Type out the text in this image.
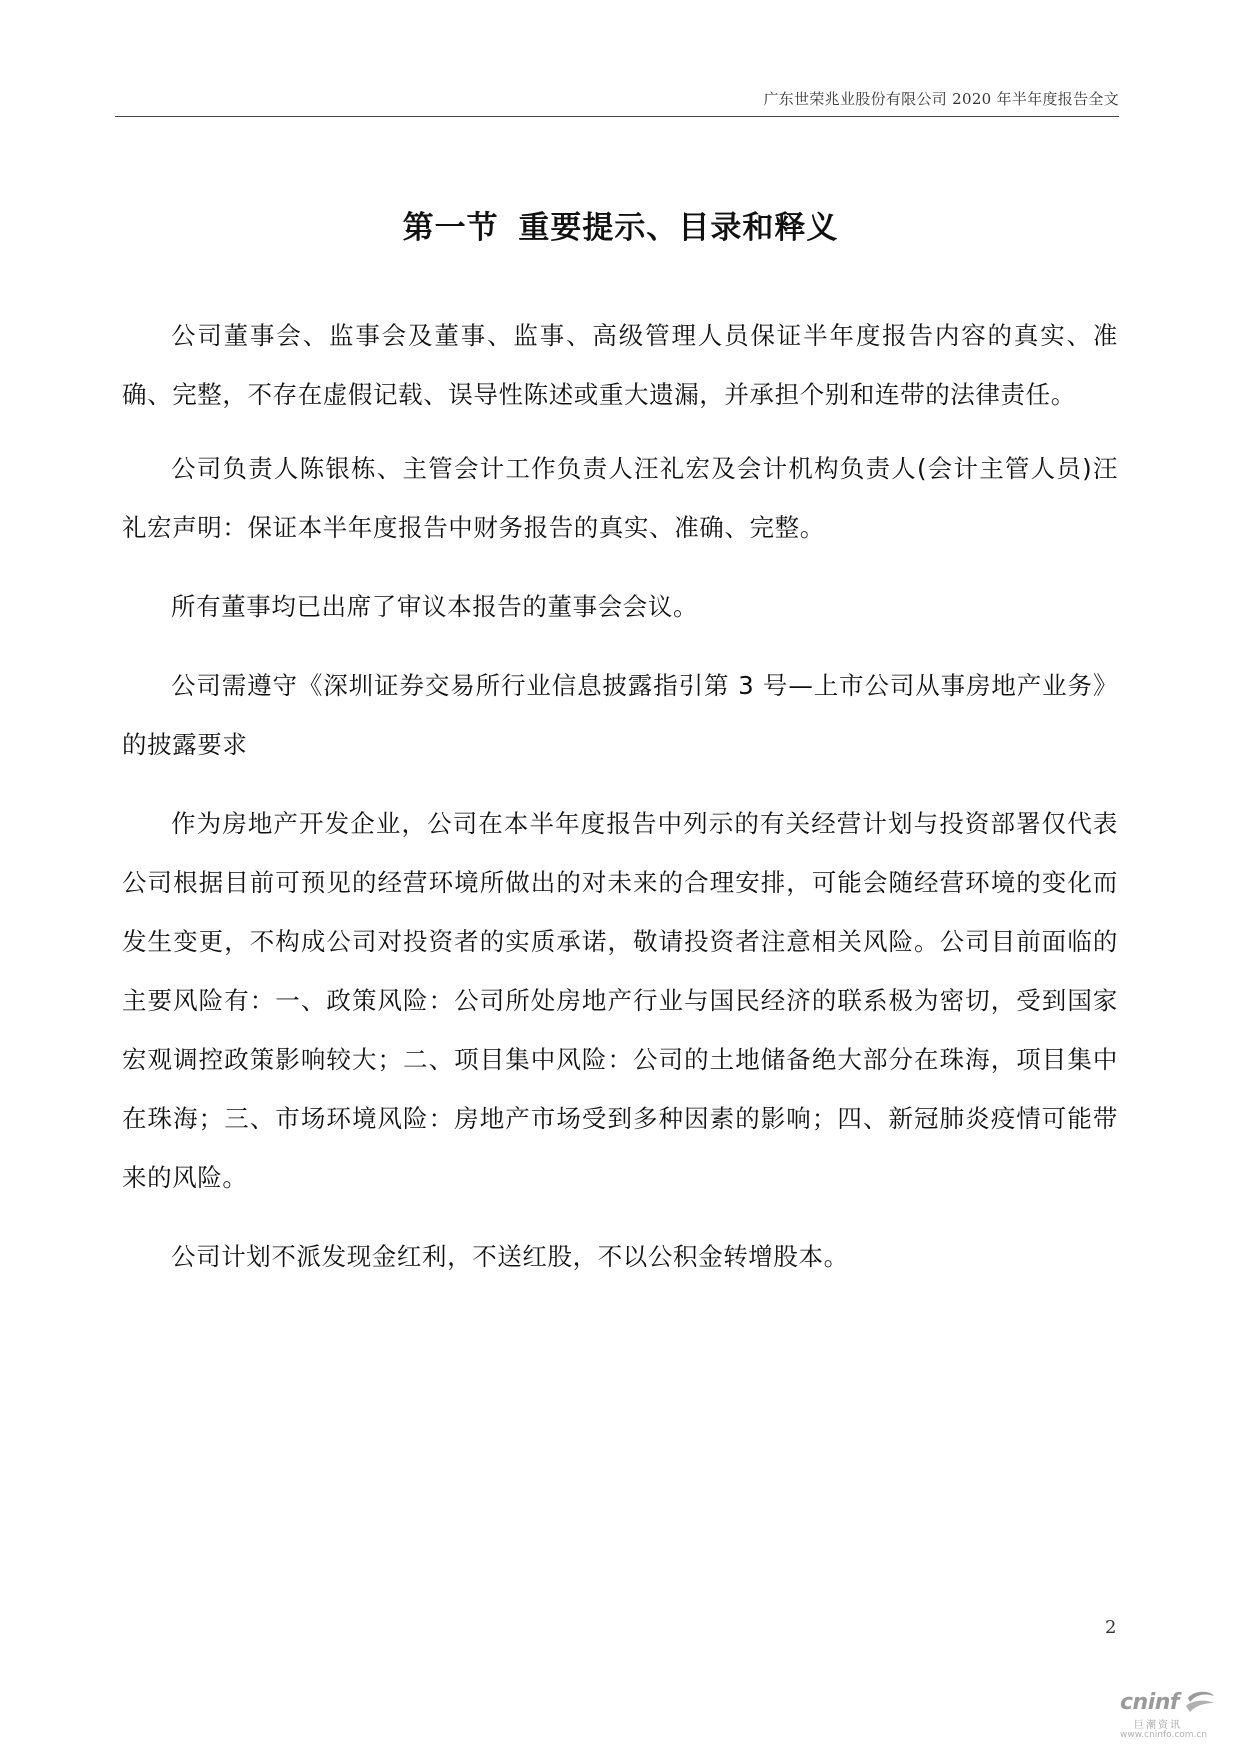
广东世荣兆业股份有限公司 2020 年半年度报告全文
第一节 重要提示、目录和释义

公司董事会、监事会及董事、监事、高级管理人员保证半年度报告内容的真实、准确、完整，不存在虚假记载、误导性陈述或重大遗漏，并承担个别和连带的法律责任。

公司负责人陈银栋、主管会计工作负责人汪礼宏及会计机构负责人(会计主管人员)汪礼宏声明：保证本半年度报告中财务报告的真实、准确、完整。

所有董事均已出席了审议本报告的董事会会议。

公司需遵守《深圳证券交易所行业信息披露指引第 3 号—上市公司从事房地产业务》的披露要求

作为房地产开发企业，公司在本半年度报告中列示的有关经营计划与投资部署仅代表公司根据目前可预见的经营环境所做出的对未来的合理安排，可能会随经营环境的变化而发生变更，不构成公司对投资者的实质承诺，敬请投资者注意相关风险。公司目前面临的主要风险有：一、政策风险：公司所处房地产行业与国民经济的联系极为密切，受到国家宏观调控政策影响较大；二、项目集中风险：公司的土地储备绝大部分在珠海，项目集中在珠海；三、市场环境风险：房地产市场受到多种因素的影响；四、新冠肺炎疫情可能带来的风险。

公司计划不派发现金红利，不送红股，不以公积金转增股本。

2
cninf
巨潮资讯
www.cninfo.com.cn
